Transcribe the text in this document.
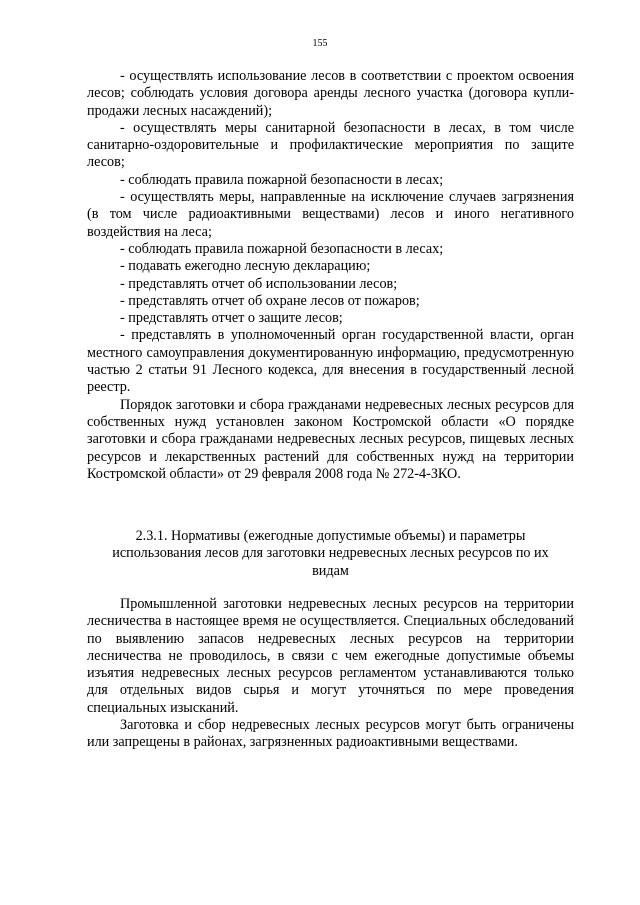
155

- осуществлять использование лесов в соответствии с проектом освоения лесов; соблюдать условия договора аренды лесного участка (договора купли-продажи лесных насаждений);

- осуществлять меры санитарной безопасности в лесах, в том числе санитарно-оздоровительные и профилактические мероприятия по защите лесов;

- соблюдать правила пожарной безопасности в лесах;

- осуществлять меры, направленные на исключение случаев загрязнения (в том числе радиоактивными веществами) лесов и иного негативного воздействия на леса;

- соблюдать правила пожарной безопасности в лесах;

- подавать ежегодно лесную декларацию;

- представлять отчет об использовании лесов;

- представлять отчет об охране лесов от пожаров;

- представлять отчет о защите лесов;

- представлять в уполномоченный орган государственной власти, орган местного самоуправления документированную информацию, предусмотренную частью 2 статьи 91 Лесного кодекса, для внесения в государственный лесной реестр.

Порядок заготовки и сбора гражданами недревесных лесных ресурсов для собственных нужд установлен законом Костромской области «О порядке заготовки и сбора гражданами недревесных лесных ресурсов, пищевых лесных ресурсов и лекарственных растений для собственных нужд на территории Костромской области» от 29 февраля 2008 года № 272-4-ЗКО.

2.3.1. Нормативы (ежегодные допустимые объемы) и параметры
использования лесов для заготовки недревесных лесных ресурсов по их
видам

Промышленной заготовки недревесных лесных ресурсов на территории лесничества в настоящее время не осуществляется. Специальных обследований по выявлению запасов недревесных лесных ресурсов на территории лесничества не проводилось, в связи с чем ежегодные допустимые объемы изъятия недревесных лесных ресурсов регламентом устанавливаются только для отдельных видов сырья и могут уточняться по мере проведения специальных изысканий.

Заготовка и сбор недревесных лесных ресурсов могут быть ограничены или запрещены в районах, загрязненных радиоактивными веществами.
